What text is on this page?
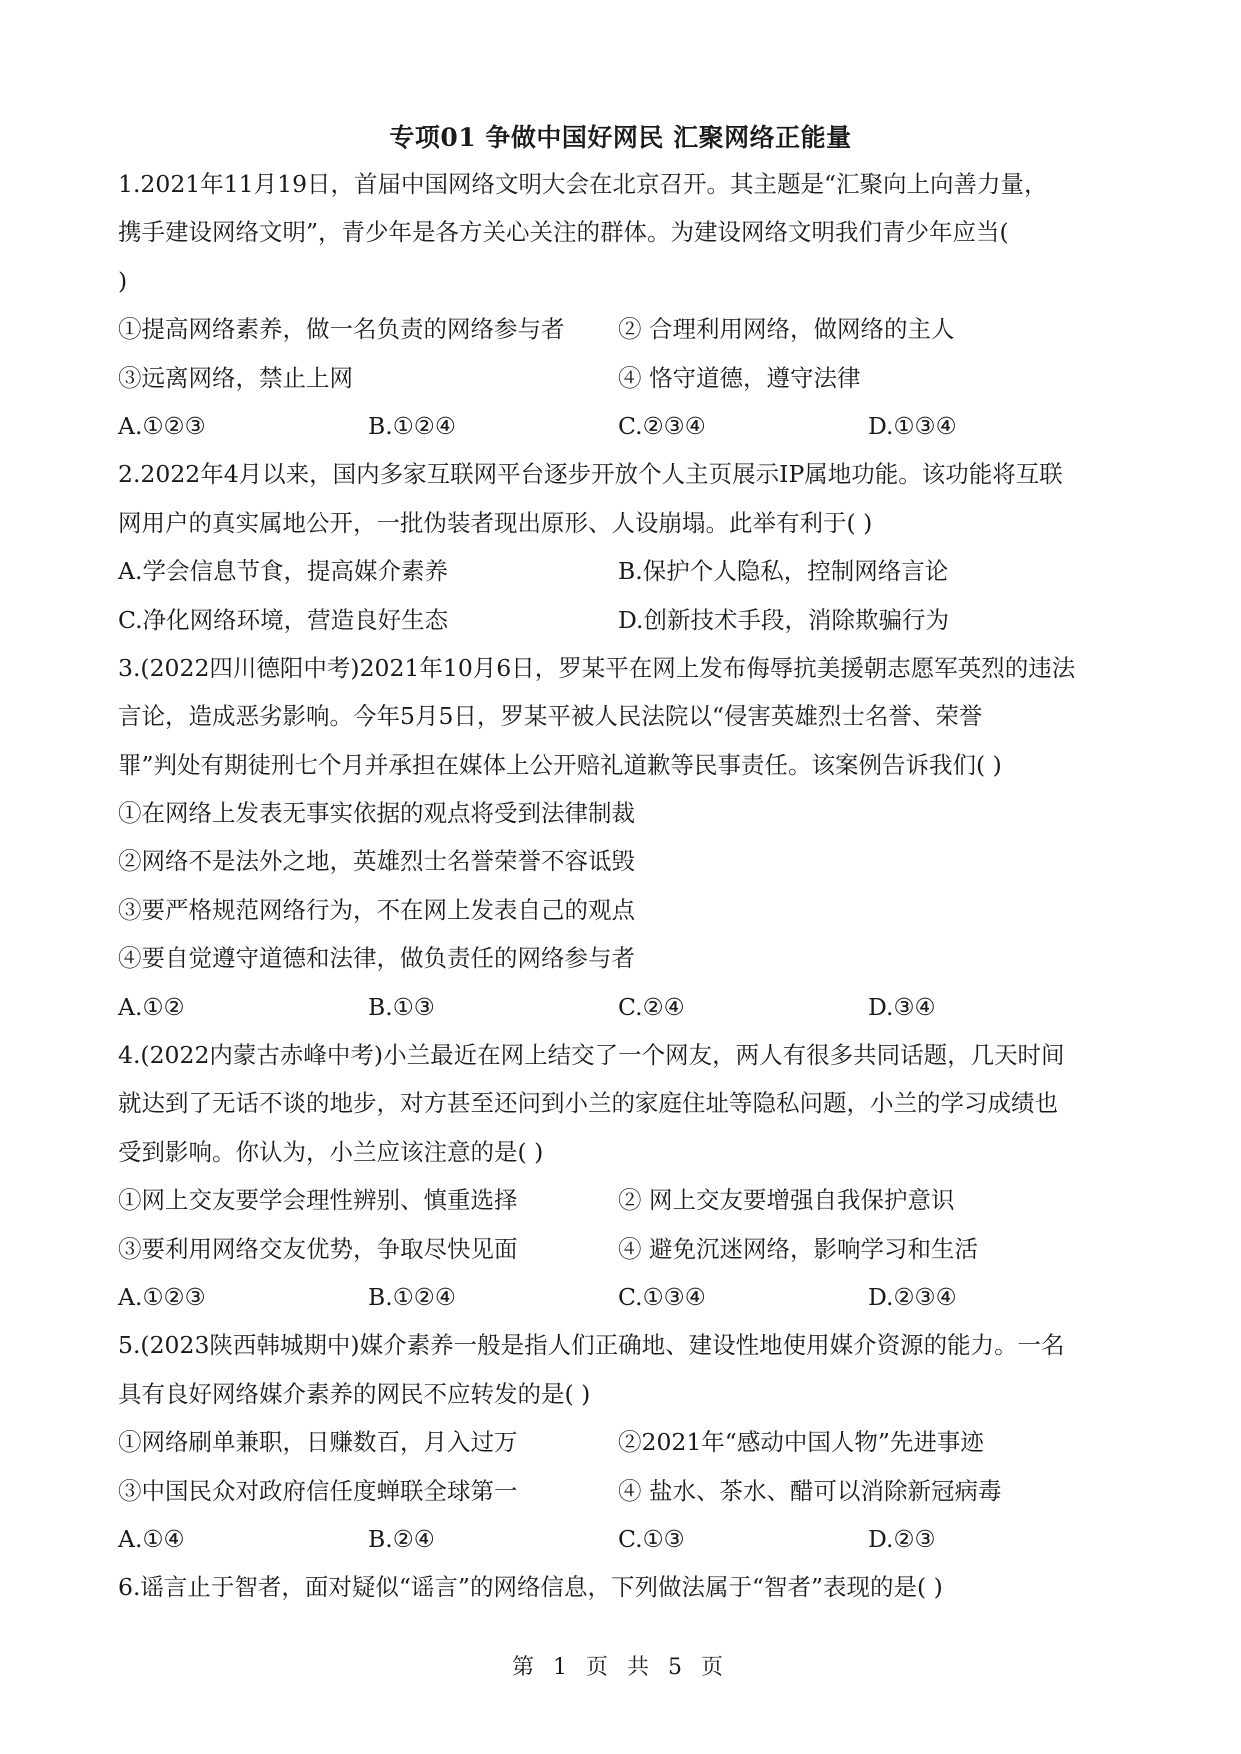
专项01 争做中国好网民 汇聚网络正能量
1.2021年11月19日，首届中国网络文明大会在北京召开。其主题是“汇聚向上向善力量，
携手建设网络文明”，青少年是各方关心关注的群体。为建设网络文明我们青少年应当(
)
①提高网络素养，做一名负责的网络参与者	② 合理利用网络，做网络的主人
③远离网络，禁止上网	④ 恪守道德，遵守法律
A.①②③	B.①②④	C.②③④	D.①③④
2.2022年4月以来，国内多家互联网平台逐步开放个人主页展示IP属地功能。该功能将互联
网用户的真实属地公开，一批伪装者现出原形、人设崩塌。此举有利于( )
A.学会信息节食，提高媒介素养	B.保护个人隐私，控制网络言论
C.净化网络环境，营造良好生态	D.创新技术手段，消除欺骗行为
3.(2022四川德阳中考)2021年10月6日，罗某平在网上发布侮辱抗美援朝志愿军英烈的违法
言论，造成恶劣影响。今年5月5日，罗某平被人民法院以“侵害英雄烈士名誉、荣誉
罪”判处有期徒刑七个月并承担在媒体上公开赔礼道歉等民事责任。该案例告诉我们( )
①在网络上发表无事实依据的观点将受到法律制裁
②网络不是法外之地，英雄烈士名誉荣誉不容诋毁
③要严格规范网络行为，不在网上发表自己的观点
④要自觉遵守道德和法律，做负责任的网络参与者
A.①②	B.①③	C.②④	D.③④
4.(2022内蒙古赤峰中考)小兰最近在网上结交了一个网友，两人有很多共同话题，几天时间
就达到了无话不谈的地步，对方甚至还问到小兰的家庭住址等隐私问题，小兰的学习成绩也
受到影响。你认为，小兰应该注意的是( )
①网上交友要学会理性辨别、慎重选择	② 网上交友要增强自我保护意识
③要利用网络交友优势，争取尽快见面	④ 避免沉迷网络，影响学习和生活
A.①②③	B.①②④	C.①③④	D.②③④
5.(2023陕西韩城期中)媒介素养一般是指人们正确地、建设性地使用媒介资源的能力。一名
具有良好网络媒介素养的网民不应转发的是( )
①网络刷单兼职，日赚数百，月入过万	②2021年“感动中国人物”先进事迹
③中国民众对政府信任度蝉联全球第一	④ 盐水、茶水、醋可以消除新冠病毒
A.①④	B.②④	C.①③	D.②③
6.谣言止于智者，面对疑似“谣言”的网络信息，下列做法属于“智者”表现的是( )
第 1 页 共 5 页
